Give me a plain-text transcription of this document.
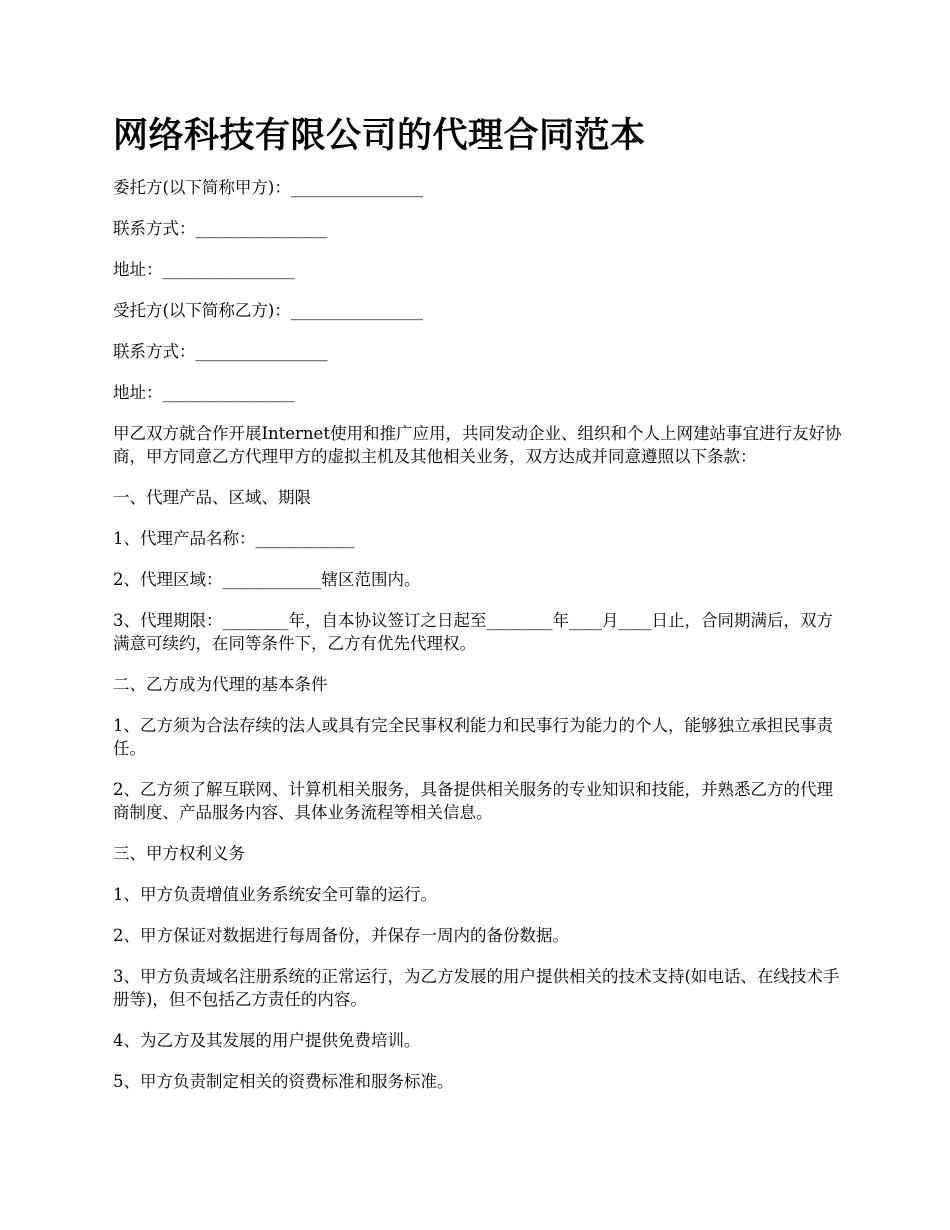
网络科技有限公司的代理合同范本

委托方(以下简称甲方)：________________

联系方式：________________

地址：________________

受托方(以下简称乙方)：________________

联系方式：________________

地址：________________

甲乙双方就合作开展Internet使用和推广应用，共同发动企业、组织和个人上网建站事宜进行友好协商，甲方同意乙方代理甲方的虚拟主机及其他相关业务，双方达成并同意遵照以下条款：

一、代理产品、区域、期限

1、代理产品名称：____________

2、代理区域：____________辖区范围内。

3、代理期限：________年，自本协议签订之日起至________年____月____日止，合同期满后，双方满意可续约，在同等条件下，乙方有优先代理权。

二、乙方成为代理的基本条件

1、乙方须为合法存续的法人或具有完全民事权利能力和民事行为能力的个人，能够独立承担民事责任。

2、乙方须了解互联网、计算机相关服务，具备提供相关服务的专业知识和技能，并熟悉乙方的代理商制度、产品服务内容、具体业务流程等相关信息。

三、甲方权利义务

1、甲方负责增值业务系统安全可靠的运行。

2、甲方保证对数据进行每周备份，并保存一周内的备份数据。

3、甲方负责域名注册系统的正常运行，为乙方发展的用户提供相关的技术支持(如电话、在线技术手册等)，但不包括乙方责任的内容。

4、为乙方及其发展的用户提供免费培训。

5、甲方负责制定相关的资费标准和服务标准。
